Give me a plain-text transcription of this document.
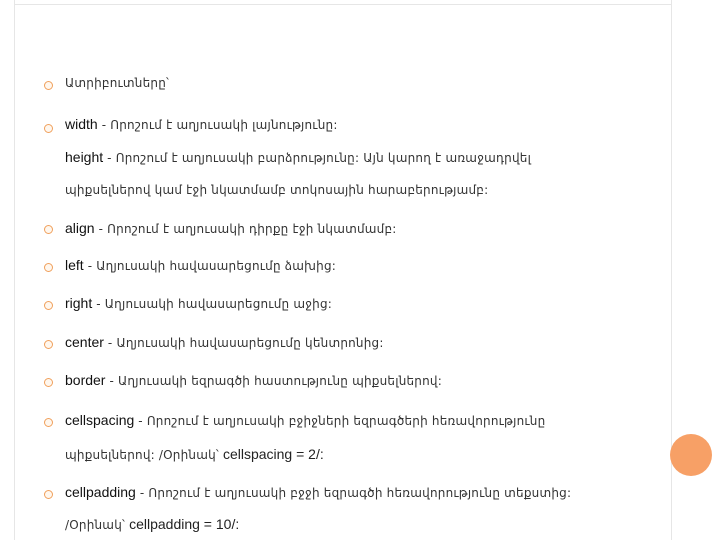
Ատրիբուտները՝
width - Որոշում է աղյուսակի լայնությունը:
height - Որոշում է աղյուսակի բարձրությունը: Այն կարող է առաջադրվել
պիքսելներով կամ էջի նկատմամբ տոկոսային հարաբերությամբ:
align - Որոշում է աղյուսակի դիրքը էջի նկատմամբ:
left - Աղյուսակի հավասարեցումը ձախից:
right - Աղյուսակի հավասարեցումը աջից:
center - Աղյուսակի հավասարեցումը կենտրոնից:
border - Աղյուսակի եզրագծի հաստությունը պիքսելներով:
cellspacing - Որոշում է աղյուսակի բջիջների եզրագծերի հեռավորությունը
պիքսելներով: /Օրինակ՝ cellspacing = 2/:
cellpadding - Որոշում է աղյուսակի բջջի եզրագծի հեռավորությունը տեքստից:
/Օրինակ՝ cellpadding = 10/:
